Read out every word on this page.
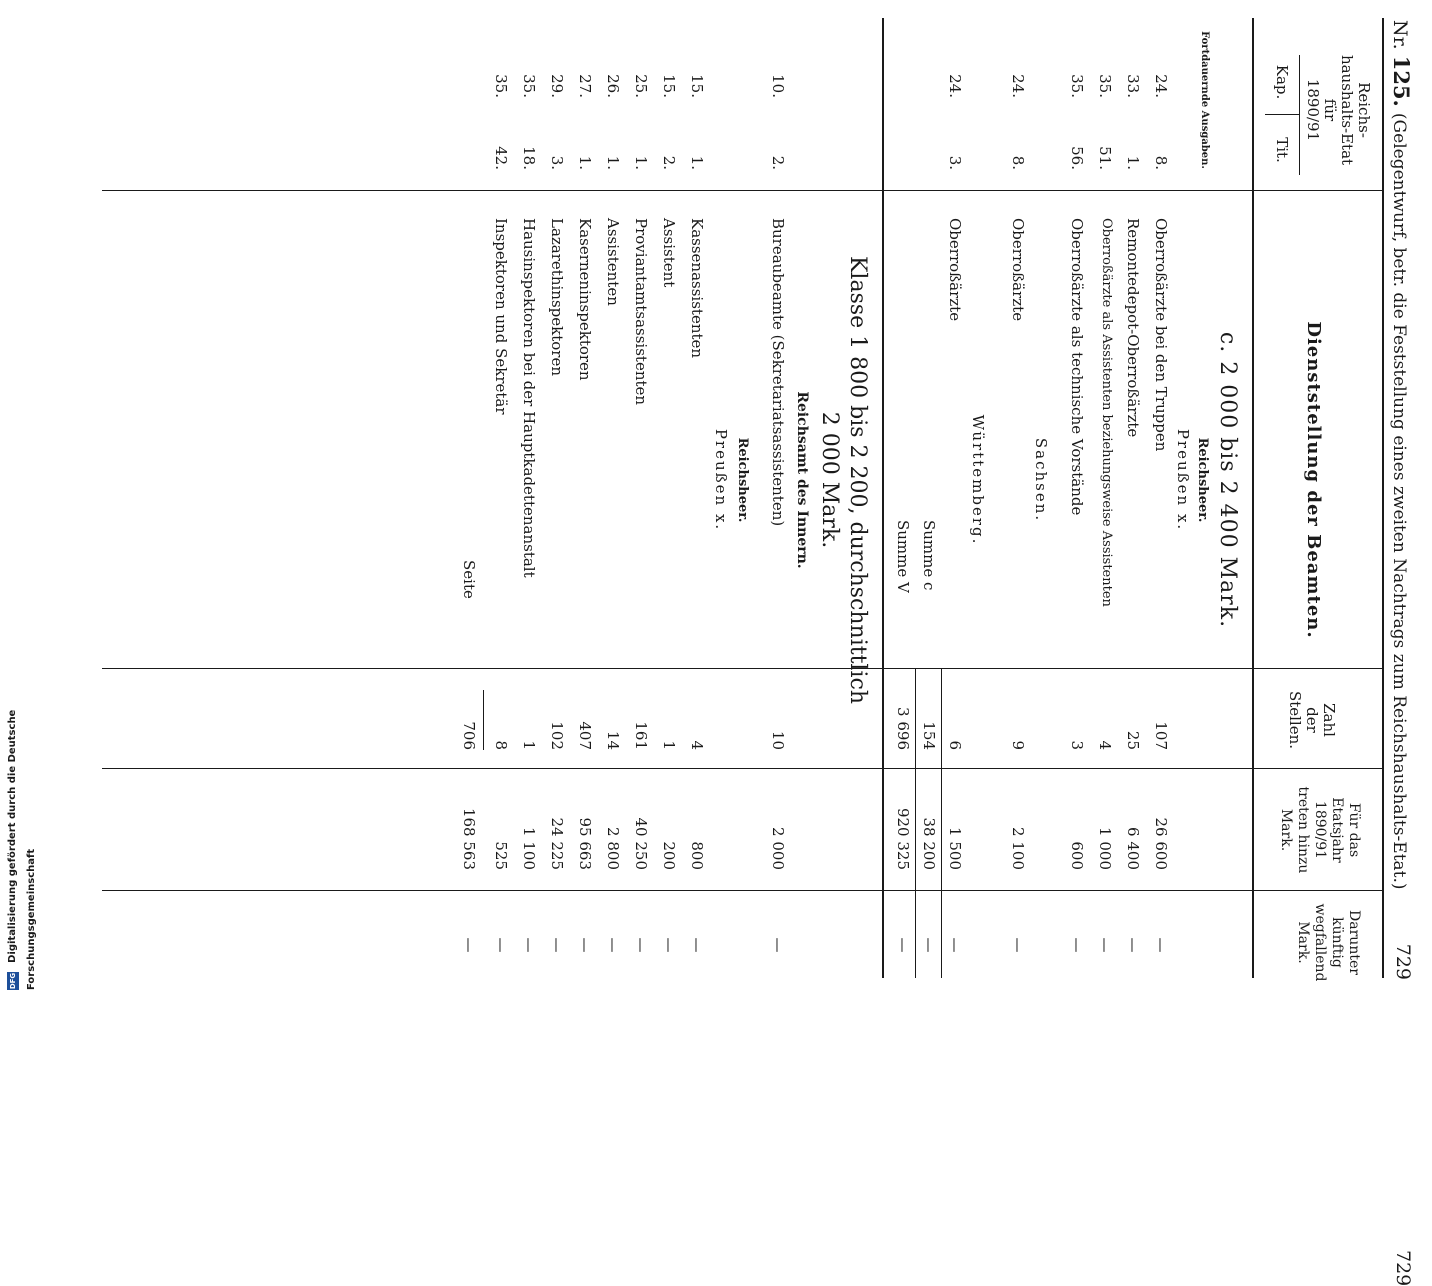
Nr. 125. (Gelegentwurf, betr. die Feststellung eines zweiten Nachtrags zum Reichshaushalts-Etat.)
729
729
Reichs-
haushalts-Etat
für
1890/91
Kap.
Tit.
Dienststellung der Beamten.
Zahl
der
Stellen.
Für das
Etatsjahr
1890/91
treten hinzu
Mark.
Darunter
künftig
wegfallend
Mark.
c. 2 000 bis 2 400 Mark.
Fortdauernde Ausgaben.
Reichsheer.
Preußen x.
24.
8.
Oberroßärzte bei den Truppen
107
26 600
—
33.
1.
Remontedepot-Oberroßärzte
25
6 400
—
35.
51.
Oberroßärzte als Assistenten beziehungsweise Assistenten
4
1 000
—
35.
56.
Oberroßärzte als technische Vorstände
3
600
—
Sachsen.
24.
8.
Oberroßärzte
9
2 100
—
Württemberg.
24.
3.
Oberroßärzte
6
1 500
—
Summe c
154
38 200
—
Summe V
3 696
920 325
—
Klasse 1 800 bis 2 200, durchschnittlich
2 000 Mark.
Reichsamt des Innern.
10.
2.
Bureaubeamte (Sekretariatsassistenten)
10
2 000
—
Reichsheer.
Preußen x.
15.
1.
Kassenassistenten
4
800
—
15.
2.
Assistent
1
200
—
25.
1.
Proviantamtsassistenten
161
40 250
—
26.
1.
Assistenten
14
2 800
—
27.
1.
Kaserneninspektoren
407
95 663
—
29.
3.
Lazarethinspektoren
102
24 225
—
35.
18.
Hausinspektoren bei der Hauptkadettenanstalt
1
1 100
—
35.
42.
Inspektoren und Sekretär
8
525
—
Seite
706
168 563
—
DFG Digitalisierung gefördert durch die Deutsche Forschungsgemeinschaft
